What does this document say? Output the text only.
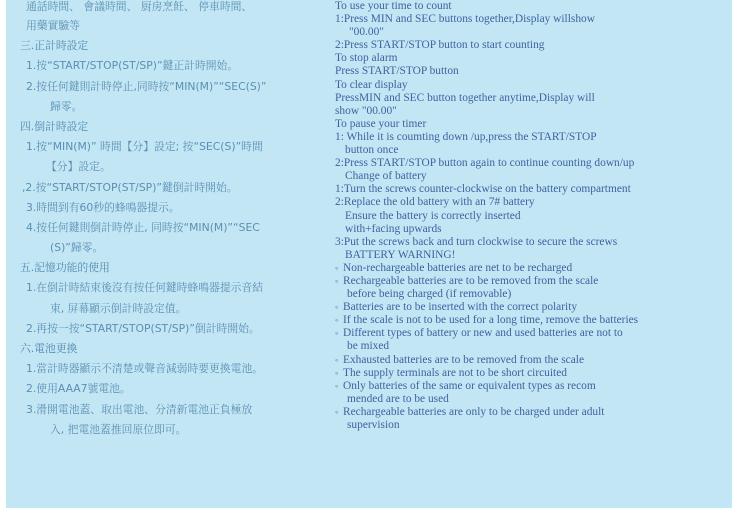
通話時間、 會議時間、 厨房烹飪、 停車時間、
用藥實驗等
三.正計時設定
1.按“START/STOP(ST/SP)”鍵正計時開始。
2.按任何鍵則計時停止,同時按“MIN(M)”“SEC(S)”
歸零。
四.倒計時設定
1.按“MIN(M)” 時間【分】設定; 按“SEC(S)”時間
【分】設定。
,2.按“START/STOP(ST/SP)”鍵倒計時開始。
3.時間到有60秒的蜂鳴器提示。
4.按任何鍵則倒計時停止, 同時按“MIN(M)”“SEC
(S)”歸零。
五.記憶功能的使用
1.在倒計時結束後沒有按任何鍵時蜂鳴器提示音結
束, 屏幕顯示倒計時設定值。
2.再按一按“START/STOP(ST/SP)”倒計時開始。
六.電池更換
1.當計時器顯示不清楚或聲音減弱時要更換電池。
2.使用AAA7號電池。
3.滑開電池蓋、取出電池、分清新電池正負極放
入, 把電池蓋推回原位即可。
To use your time to count
1:Press MIN and SEC buttons together,Display willshow
"00.00"
2:Press START/STOP button to start counting
To stop alarm
Press START/STOP button
To clear display
PressMIN and SEC button together anytime,Display will
show "00.00"
To pause your timer
1: While it is coumting down /up,press the START/STOP
button once
2:Press START/STOP button again to continue counting down/up
Change of battery
1:Turn the screws counter-clockwise on the battery compartment
2:Replace the old battery with an 7# battery
Ensure the battery is correctly inserted
with+facing upwards
3:Put the screws back and turn clockwise to secure the screws
BATTERY WARNING!
◦ Non-rechargeable batteries are net to be recharged
◦ Rechargeable batteries are to be removed from the scale
before being charged (if removable)
◦ Batteries are to be inserted with the correct polarity
◦ If the scale is not to be used for a long time, remove the batteries
◦ Different types of battery or new and used batteries are not to
be mixed
◦ Exhausted batteries are to be removed from the scale
◦ The supply terminals are not to be short circuited
◦ Only batteries of the same or equivalent types as recom
mended are to be used
◦ Rechargeable batteries are only to be charged under adult
supervision
